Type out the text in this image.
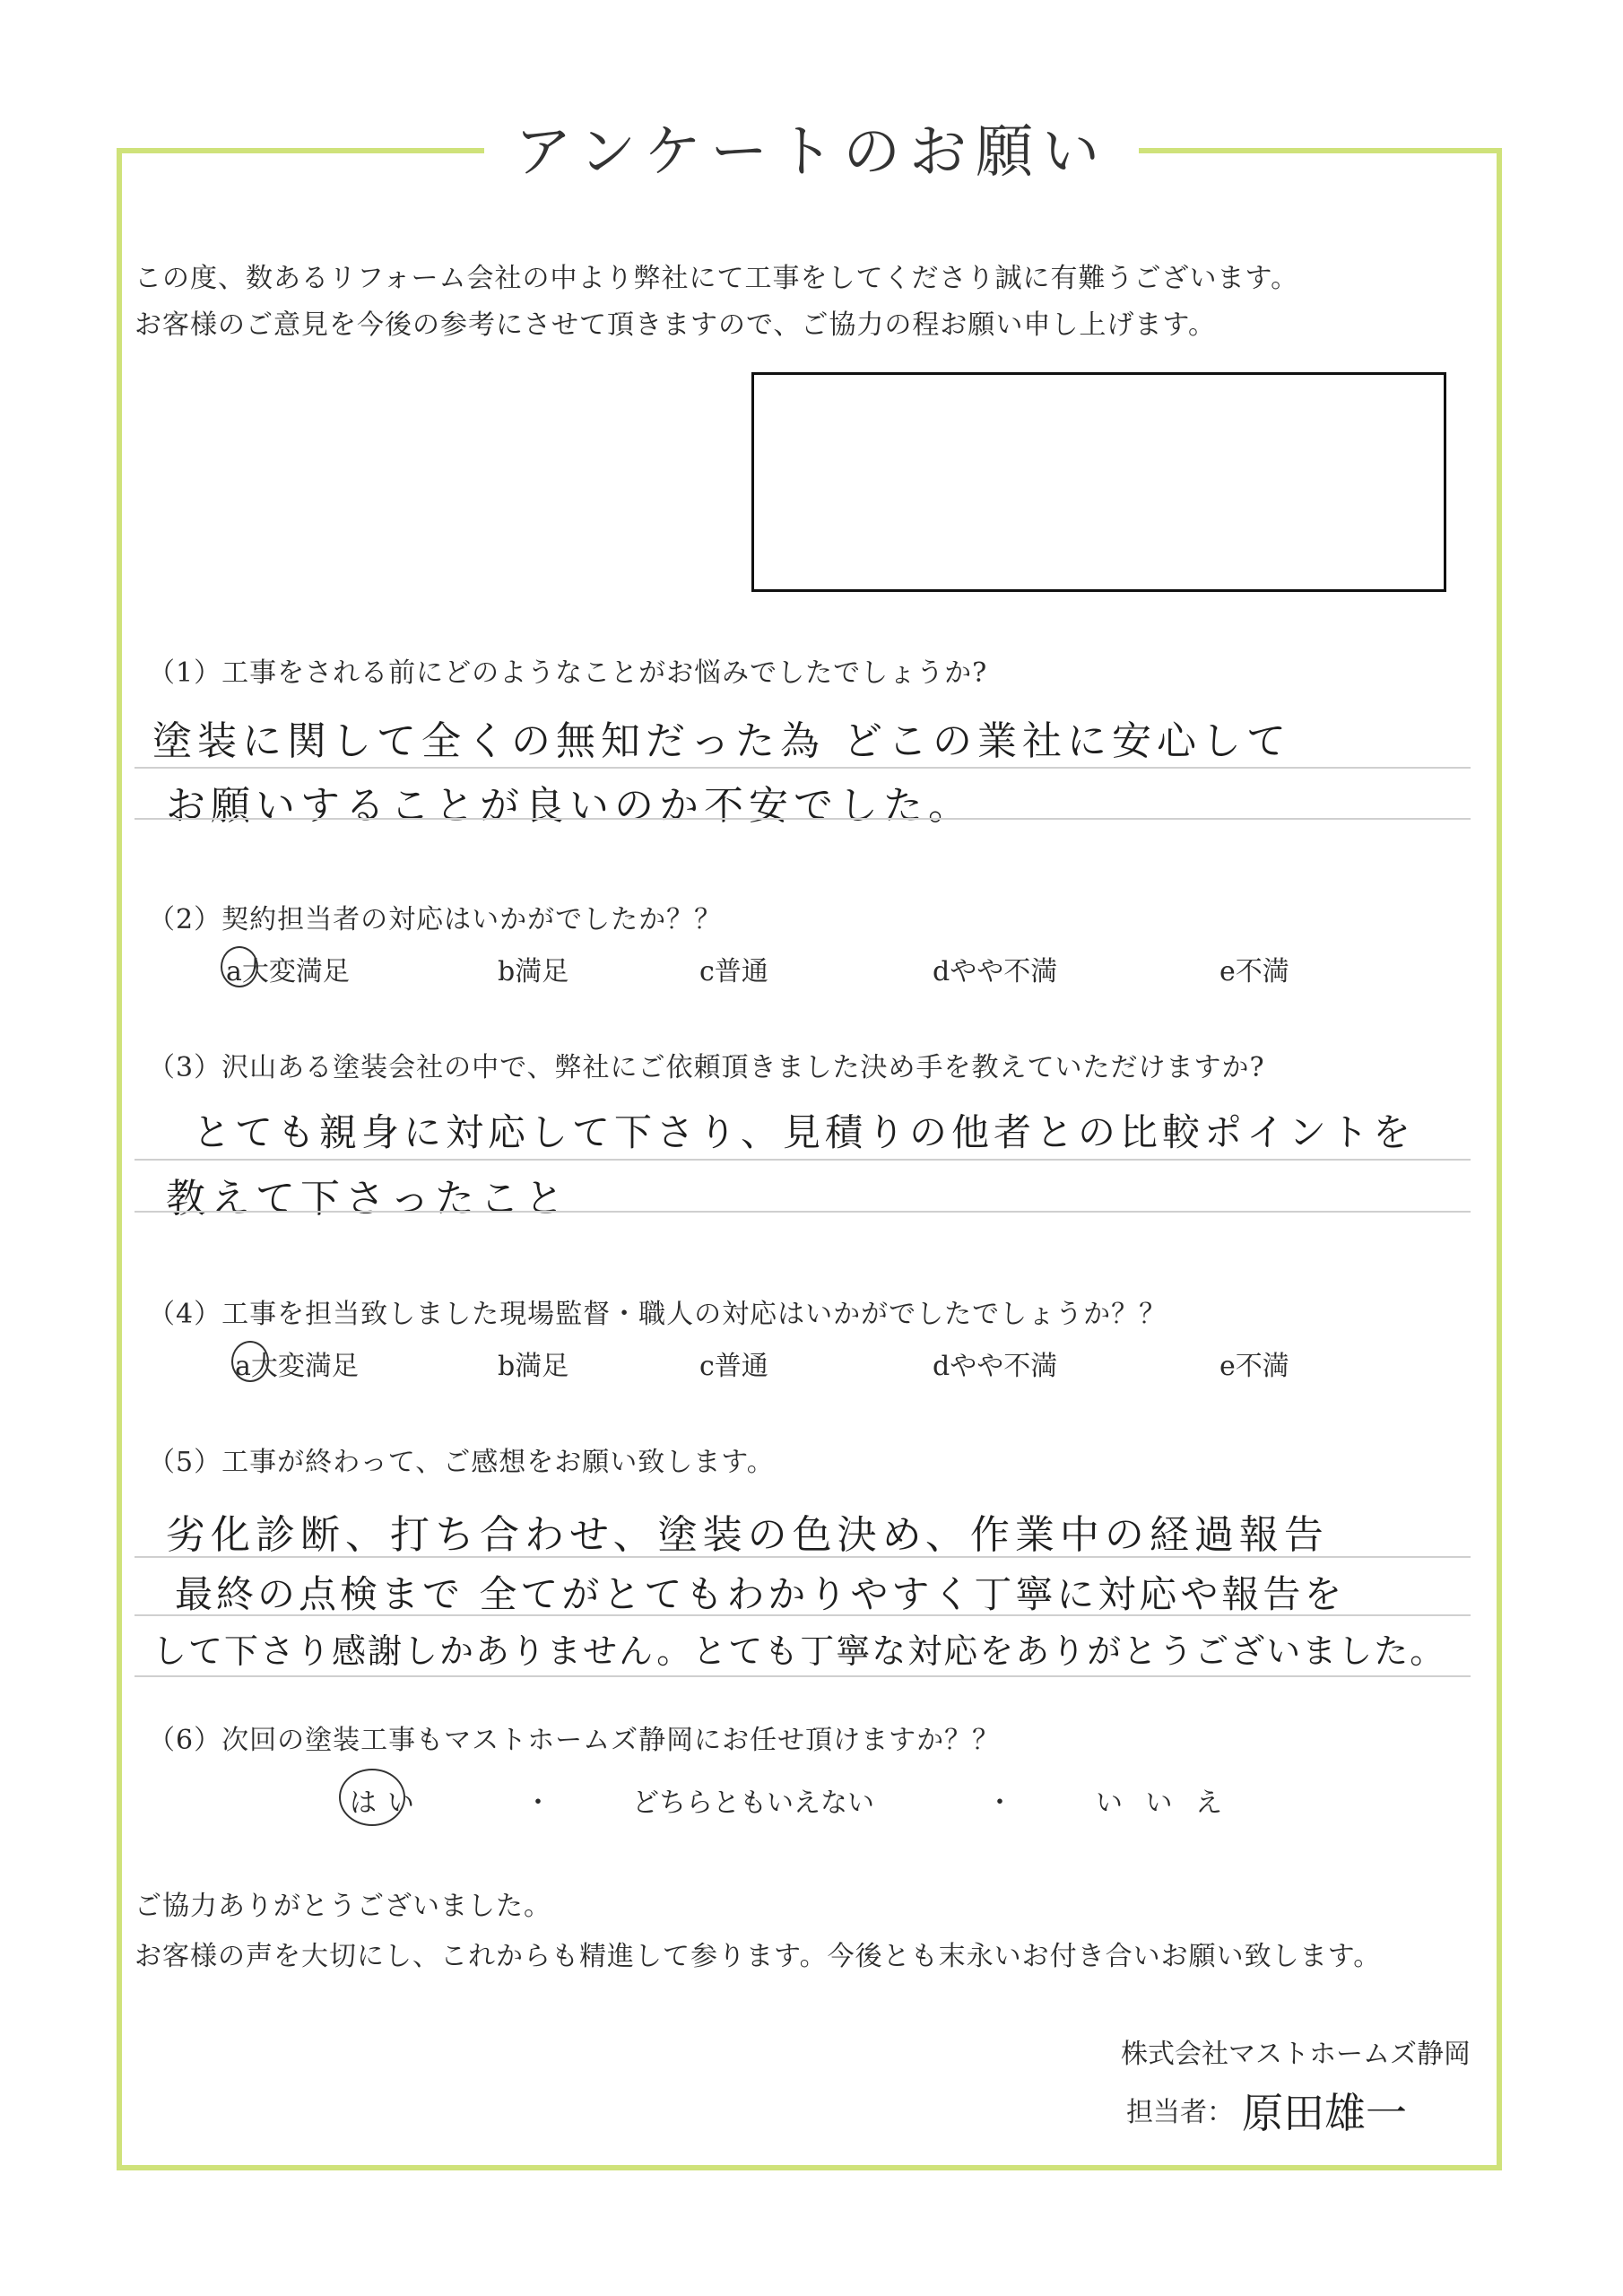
アンケートのお願い
この度、数あるリフォーム会社の中より弊社にて工事をしてくださり誠に有難うございます。
お客様のご意見を今後の参考にさせて頂きますので、ご協力の程お願い申し上げます。
（1）工事をされる前にどのようなことがお悩みでしたでしょうか?
塗装に関して全くの無知だった為 どこの業社に安心して
お願いすることが良いのか不安でした。
（2）契約担当者の対応はいかがでしたか？？
a大変満足	b満足	c普通	dやや不満	e不満
（3）沢山ある塗装会社の中で、弊社にご依頼頂きました決め手を教えていただけますか?
とても親身に対応して下さり、見積りの他者との比較ポイントを
教えて下さったこと
（4）工事を担当致しました現場監督・職人の対応はいかがでしたでしょうか？？
a大変満足	b満足	c普通	dやや不満	e不満
（5）工事が終わって、ご感想をお願い致します。
劣化診断、打ち合わせ、塗装の色決め、作業中の経過報告
最終の点検まで 全てがとてもわかりやすく丁寧に対応や報告を
して下さり感謝しかありません。とても丁寧な対応をありがとうございました。
（6）次回の塗装工事もマストホームズ静岡にお任せ頂けますか？？
はい	・	どちらともいえない	・	い い え
ご協力ありがとうございました。
お客様の声を大切にし、これからも精進して参ります。今後とも末永いお付き合いお願い致します。
株式会社マストホームズ静岡
担当者： 原田雄一
